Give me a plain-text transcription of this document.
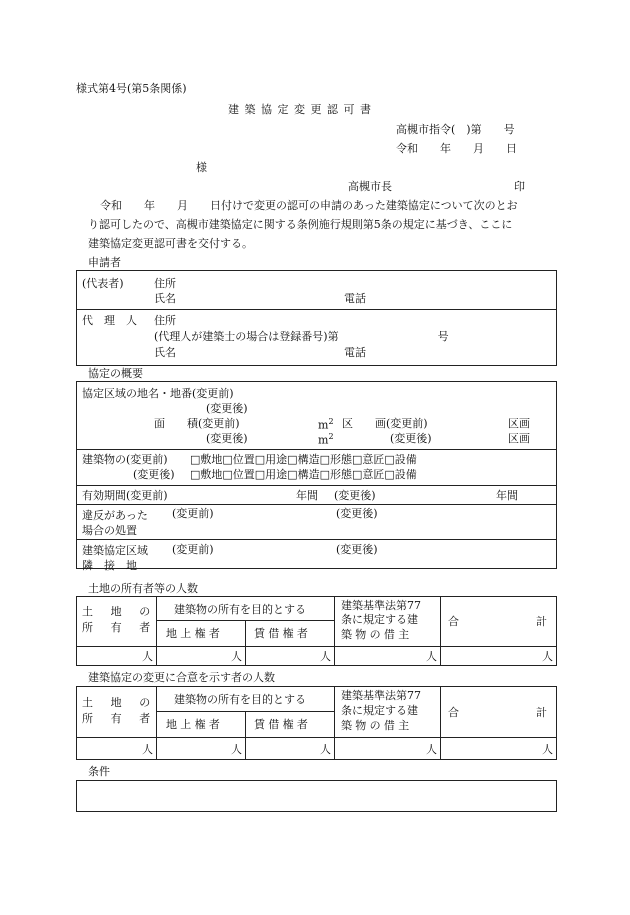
様式第4号(第5条関係)
建築協定変更認可書
高槻市指令(　)第　　号
令和　　年　　月　　日
様
高槻市長	印
令和　　年　　月　　日付けで変更の認可の申請のあった建築協定について次のとお
り認可したので、高槻市建築協定に関する条例施行規則第5条の規定に基づき、ここに
建築協定変更認可書を交付する。
申請者
(代表者)	住所
氏名	電話
代　理　人 住所
(代理人が建築士の場合は登録番号)第　　　　　　　　　号
氏名	電話
協定の概要
協定区域の地名・地番(変更前)
(変更後)
面　　積(変更前)	$m^2$ 区　　画(変更前)	区画
(変更後)	$m^2$	(変更後)	区画
建築物の(変更前) □敷地□位置□用途□構造□形態□意匠□設備
(変更後) □敷地□位置□用途□構造□形態□意匠□設備
有効期間(変更前)	年間 (変更後)	年間
違反があった
場合の処置
(変更前)	(変更後)
建築協定区域
隣　接　地
(変更前)	(変更後)
土地の所有者等の人数
土　地　の
所　有　者
建築物の所有を目的とする
地上権者	賃借権者
建築基準法第77
条に規定する建
築物の借主
合　　　　　　　計
人	人	人	人	人
建築協定の変更に合意を示す者の人数
土　地　の
所　有　者
建築物の所有を目的とする
地上権者	賃借権者
建築基準法第77
条に規定する建
築物の借主
合　　　　　　　計
人	人	人	人	人
条件
